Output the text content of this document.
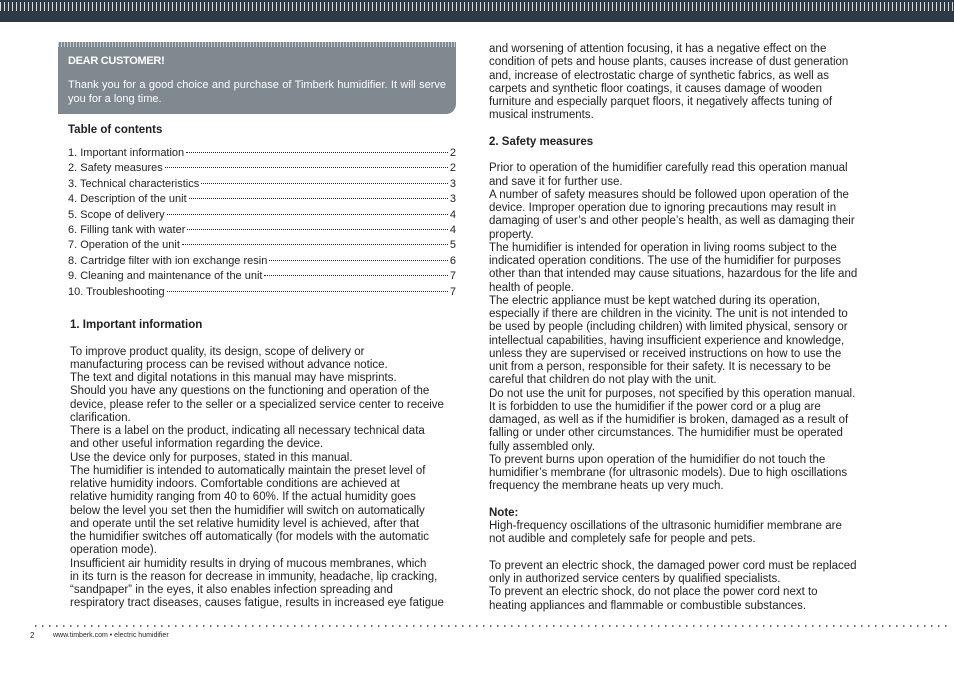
DEAR CUSTOMER!
Thank you for a good choice and purchase of Timberk humidifier. It will serve you for a long time.
Table of contents
1. Important information	2
2. Safety measures	2
3. Technical characteristics	3
4. Description of the unit	3
5. Scope of delivery	4
6. Filling tank with water	4
7. Operation of the unit	5
8. Cartridge filter with ion exchange resin	6
9. Cleaning and maintenance of the unit	7
10. Troubleshooting	7

1. Important information

To improve product quality, its design, scope of delivery or

manufacturing process can be revised without advance notice.

The text and digital notations in this manual may have misprints.

Should you have any questions on the functioning and operation of the

device, please refer to the seller or a specialized service center to receive

clarification.

There is a label on the product, indicating all necessary technical data

and other useful information regarding the device.

Use the device only for purposes, stated in this manual.

The humidifier is intended to automatically maintain the preset level of

relative humidity indoors. Comfortable conditions are achieved at

relative humidity ranging from 40 to 60%. If the actual humidity goes

below the level you set then the humidifier will switch on automatically

and operate until the set relative humidity level is achieved, after that

the humidifier switches off automatically (for models with the automatic

operation mode).

Insufficient air humidity results in drying of mucous membranes, which

in its turn is the reason for decrease in immunity, headache, lip cracking,

“sandpaper” in the eyes, it also enables infection spreading and

respiratory tract diseases, causes fatigue, results in increased eye fatigue

and worsening of attention focusing, it has a negative effect on the

condition of pets and house plants, causes increase of dust generation

and, increase of electrostatic charge of synthetic fabrics, as well as

carpets and synthetic floor coatings, it causes damage of wooden

furniture and especially parquet floors, it negatively affects tuning of

musical instruments.

2. Safety measures

Prior to operation of the humidifier carefully read this operation manual

and save it for further use.

A number of safety measures should be followed upon operation of the

device. Improper operation due to ignoring precautions may result in

damaging of user’s and other people’s health, as well as damaging their

property.

The humidifier is intended for operation in living rooms subject to the

indicated operation conditions. The use of the humidifier for purposes

other than that intended may cause situations, hazardous for the life and

health of people.

The electric appliance must be kept watched during its operation,

especially if there are children in the vicinity. The unit is not intended to

be used by people (including children) with limited physical, sensory or

intellectual capabilities, having insufficient experience and knowledge,

unless they are supervised or received instructions on how to use the

unit from a person, responsible for their safety. It is necessary to be

careful that children do not play with the unit.

Do not use the unit for purposes, not specified by this operation manual.

It is forbidden to use the humidifier if the power cord or a plug are

damaged, as well as if the humidifier is broken, damaged as a result of

falling or under other circumstances. The humidifier must be operated

fully assembled only.

To prevent burns upon operation of the humidifier do not touch the

humidifier’s membrane (for ultrasonic models). Due to high oscillations

frequency the membrane heats up very much.

Note:

High-frequency oscillations of the ultrasonic humidifier membrane are

not audible and completely safe for people and pets.

To prevent an electric shock, the damaged power cord must be replaced

only in authorized service centers by qualified specialists.

To prevent an electric shock, do not place the power cord next to

heating appliances and flammable or combustible substances.

2	www.timberk.com • electric humidifier
